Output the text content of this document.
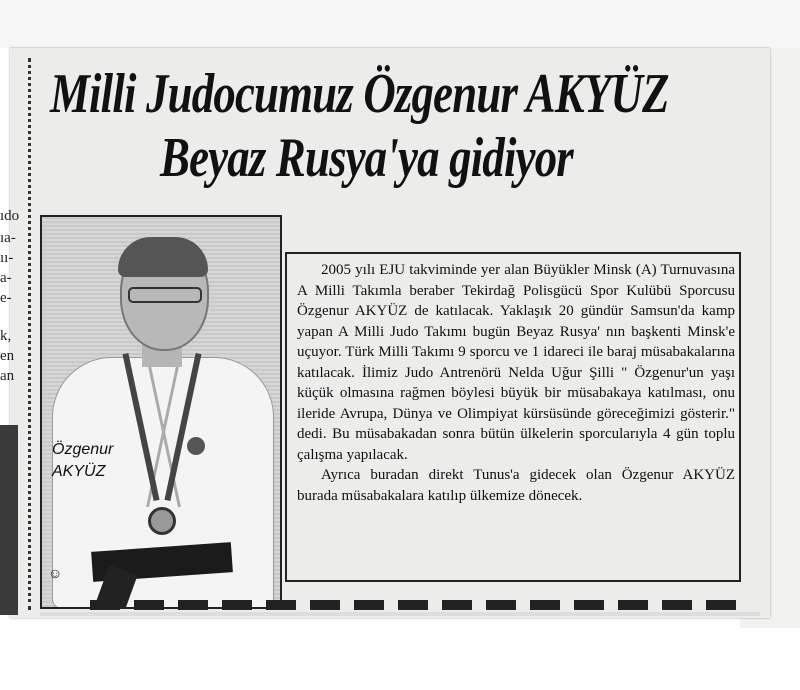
ıdo
ıa-
ıı-
a-
e-
k,
en
an
Milli Judocumuz Özgenur AKYÜZ
Beyaz Rusya'ya gidiyor
Özgenur
AKYÜZ
☺

2005 yılı EJU takviminde yer alan Büyükler Minsk (A) Turnuvasına A Milli Takımla beraber Tekirdağ Polisgücü Spor Kulübü Sporcusu Özgenur AKYÜZ de katılacak. Yaklaşık 20 gündür Samsun'da kamp yapan A Milli Judo Takımı bugün Beyaz Rusya' nın başkenti Minsk'e uçuyor. Türk Milli Takımı 9 sporcu ve 1 idareci ile baraj müsabakalarına katılacak. İlimiz Judo Antrenörü Nelda Uğur Şilli " Özgenur'un yaşı küçük olmasına rağmen böylesi büyük bir müsabakaya katılması, onu ileride Avrupa, Dünya ve Olimpiyat kürsüsünde göreceğimizi gösterir." dedi. Bu müsabakadan sonra bütün ülkelerin sporcularıyla 4 gün toplu çalışma yapılacak.

Ayrıca buradan direkt Tunus'a gidecek olan Özgenur AKYÜZ burada müsabakalara katılıp ülkemize dönecek.
